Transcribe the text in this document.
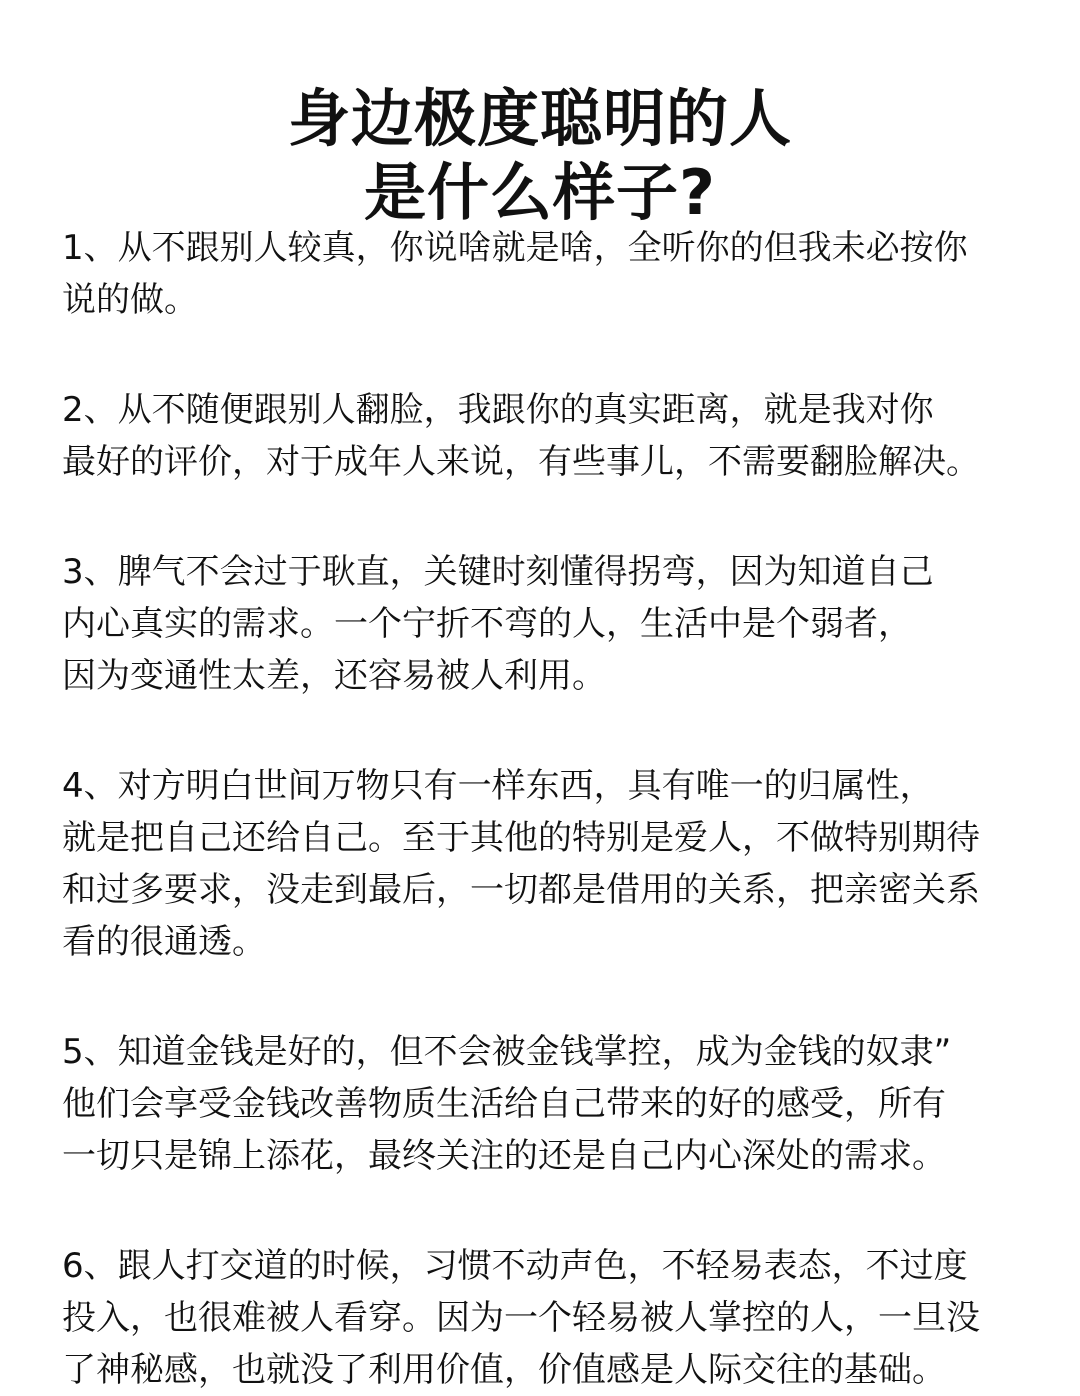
身边极度聪明的人
是什么样子?

1、从不跟别人较真，你说啥就是啥，全听你的但我未必按你
说的做。

2、从不随便跟别人翻脸，我跟你的真实距离，就是我对你
最好的评价，对于成年人来说，有些事儿，不需要翻脸解决。

3、脾气不会过于耿直，关键时刻懂得拐弯，因为知道自己
内心真实的需求。一个宁折不弯的人，生活中是个弱者，
因为变通性太差，还容易被人利用。

4、对方明白世间万物只有一样东西，具有唯一的归属性，
就是把自己还给自己。至于其他的特别是爱人，不做特别期待
和过多要求，没走到最后，一切都是借用的关系，把亲密关系
看的很通透。

5、知道金钱是好的，但不会被金钱掌控，成为金钱的奴隶”
他们会享受金钱改善物质生活给自己带来的好的感受，所有
一切只是锦上添花，最终关注的还是自己内心深处的需求。

6、跟人打交道的时候，习惯不动声色，不轻易表态，不过度
投入，也很难被人看穿。因为一个轻易被人掌控的人，一旦没
了神秘感，也就没了利用价值，价值感是人际交往的基础。
